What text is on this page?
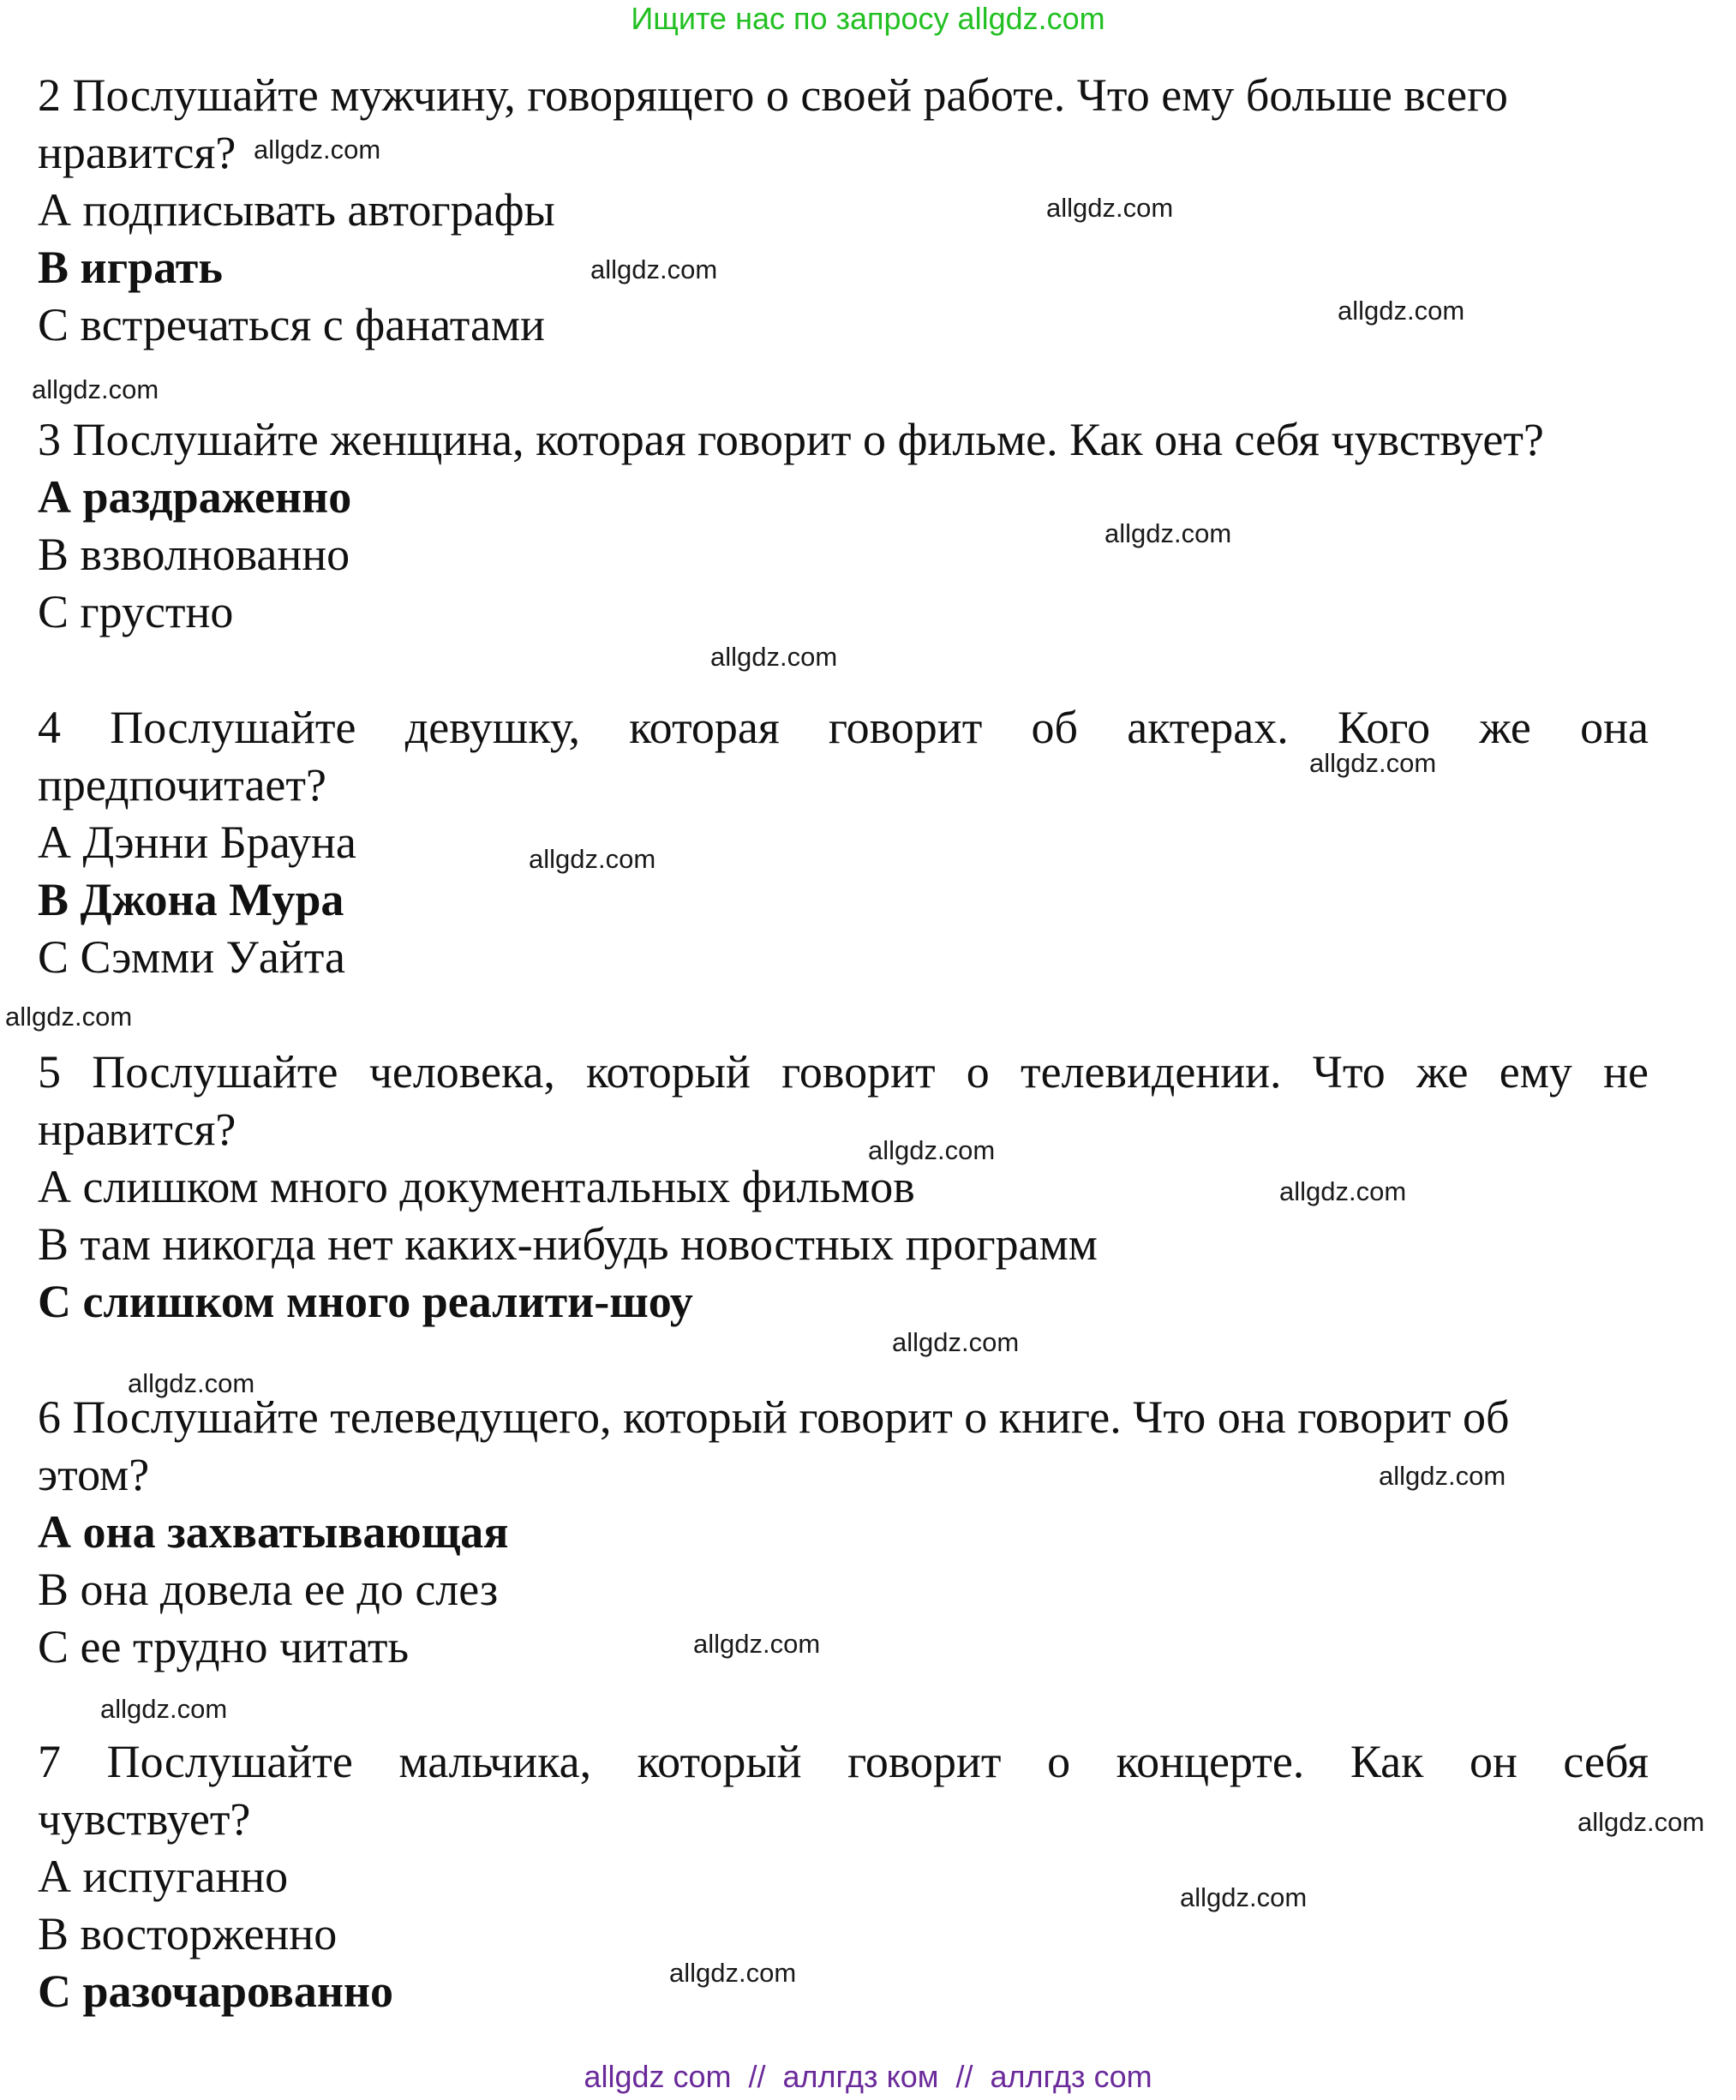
Ищите нас по запросу allgdz.com
2 Послушайте мужчину, говорящего о своей работе. Что ему больше всего
нравится?
А подписывать автографы
В играть
С встречаться с фанатами
3 Послушайте женщина, которая говорит о фильме. Как она себя чувствует?
А раздраженно
В взволнованно
С грустно
4 Послушайте девушку, которая говорит об актерах. Кого же она
предпочитает?
А Дэнни Брауна
В Джона Мура
С Сэмми Уайта
5 Послушайте человека, который говорит о телевидении. Что же ему не
нравится?
А слишком много документальных фильмов
В там никогда нет каких-нибудь новостных программ
С слишком много реалити-шоу
6 Послушайте телеведущего, который говорит о книге. Что она говорит об
этом?
А она захватывающая
В она довела ее до слез
С ее трудно читать
7 Послушайте мальчика, который говорит о концерте. Как он себя
чувствует?
А испуганно
В восторженно
С разочарованно
allgdz.com
allgdz.com
allgdz.com
allgdz.com
allgdz.com
allgdz.com
allgdz.com
allgdz.com
allgdz.com
allgdz.com
allgdz.com
allgdz.com
allgdz.com
allgdz.com
allgdz.com
allgdz.com
allgdz.com
allgdz.com
allgdz.com
allgdz.com
allgdz com  //  аллгдз ком  //  аллгдз com
